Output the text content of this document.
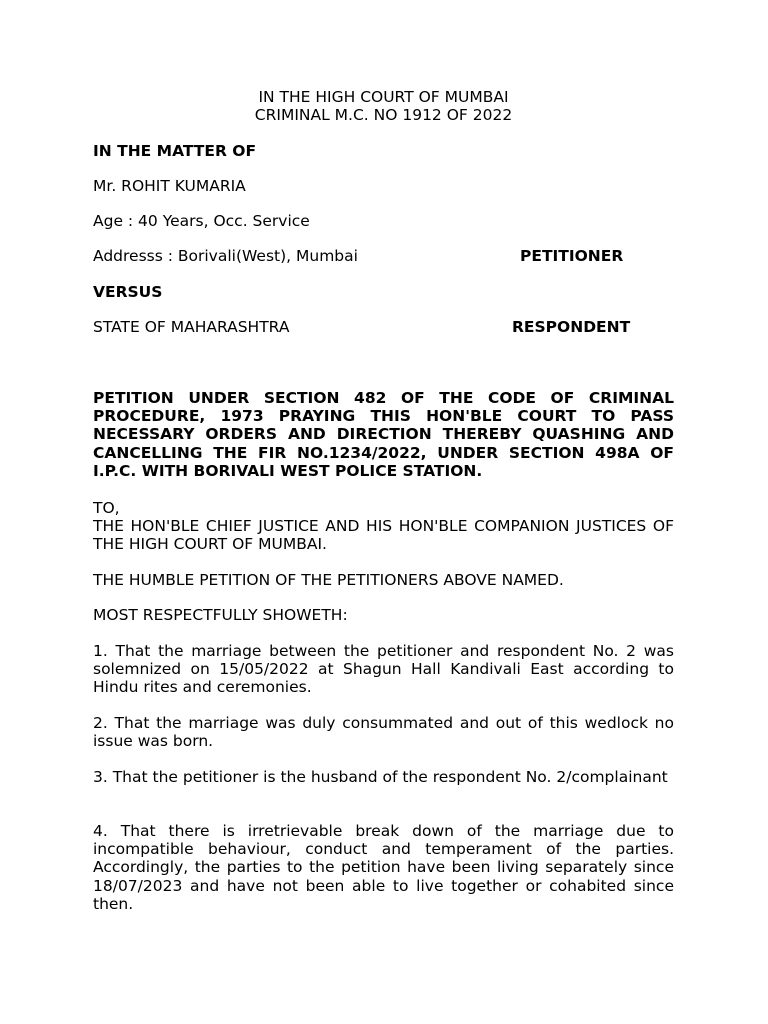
IN THE HIGH COURT OF MUMBAI
CRIMINAL M.C. NO 1912 OF 2022
IN THE MATTER OF
Mr. ROHIT KUMARIA
Age : 40 Years, Occ. Service
Addresss : Borivali(West), Mumbai	PETITIONER
VERSUS
STATE OF MAHARASHTRA	RESPONDENT
PETITION UNDER SECTION 482 OF THE CODE OF CRIMINAL PROCEDURE, 1973 PRAYING THIS HON'BLE COURT TO PASS NECESSARY ORDERS AND DIRECTION THEREBY QUASHING AND CANCELLING THE FIR NO.1234/2022, UNDER SECTION 498A OF I.P.C. WITH BORIVALI WEST POLICE STATION.
TO,
THE HON'BLE CHIEF JUSTICE AND HIS HON'BLE COMPANION JUSTICES OF THE HIGH COURT OF MUMBAI.
THE HUMBLE PETITION OF THE PETITIONERS ABOVE NAMED.
MOST RESPECTFULLY SHOWETH:
1. That the marriage between the petitioner and respondent No. 2 was solemnized on 15/05/2022 at Shagun Hall Kandivali East according to Hindu rites and ceremonies.
2. That the marriage was duly consummated and out of this wedlock no issue was born.
3. That the petitioner is the husband of the respondent No. 2/complainant
4. That there is irretrievable break down of the marriage due to incompatible behaviour, conduct and temperament of the parties. Accordingly, the parties to the petition have been living separately since 18/07/2023 and have not been able to live together or cohabited since then.
